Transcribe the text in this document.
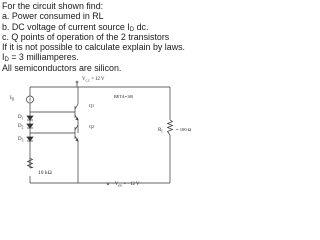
For the circuit shown find:
a. Power consumed in RL
b. DC voltage of current source $I_D$ dc.
c. Q points of operation of the 2 transistors
If it is not possible to calculate explain by laws.
$I_D = 3$ milliamperes.
All semiconductors are silicon.
$I_D$
$D_1$
$D_2$
$D_3$
10 kΩ
Q1
Q2
$R_L$	= 100 Ω
$V_{CC} = 12$ V
BETA=100
$-V_{EE} = -12$ V
